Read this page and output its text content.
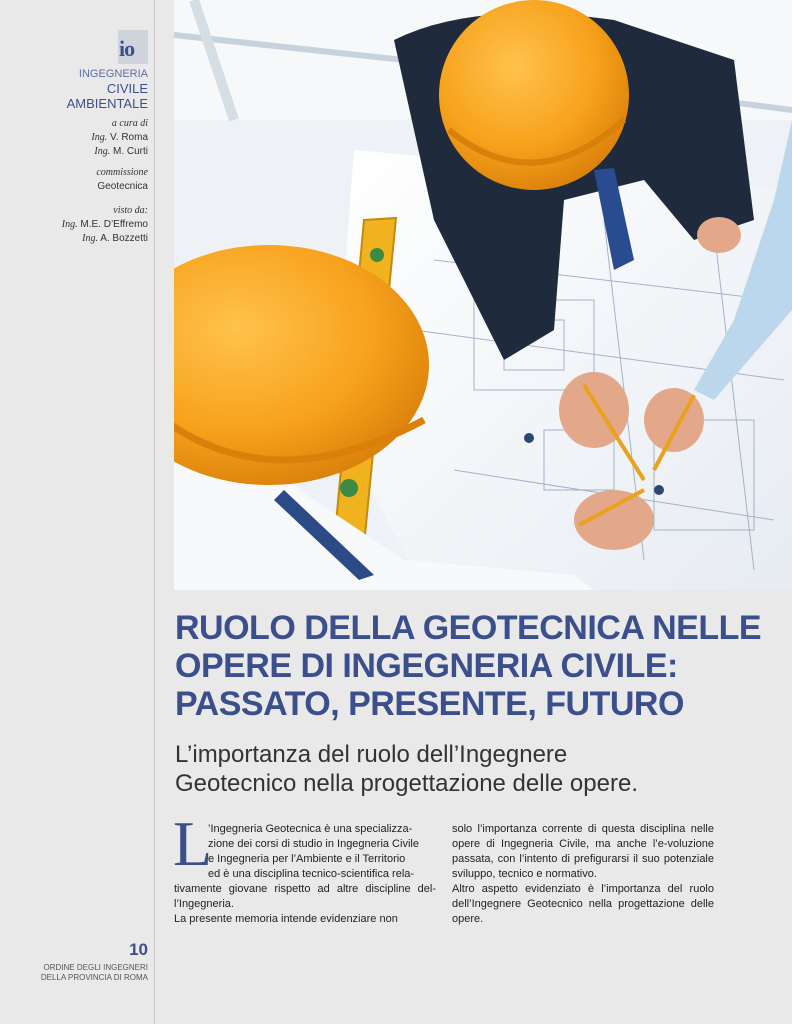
io
INGEGNERIA
CIVILE
AMBIENTALE
a cura di
Ing. V. Roma
Ing. M. Curti
commissione
Geotecnica
visto da:
Ing. M.E. D’Effremo
Ing. A. Bozzetti
10
ORDINE DEGLI INGEGNERI
DELLA PROVINCIA DI ROMA
RUOLO DELLA GEOTECNICA NELLE
OPERE DI INGEGNERIA CIVILE:
PASSATO, PRESENTE, FUTURO
L’importanza del ruolo dell’Ingegnere
Geotecnico nella progettazione delle opere.
L
’Ingegneria Geotecnica è una specializza-
zione dei corsi di studio in Ingegneria Civile
e Ingegneria per l’Ambiente e il Territorio
ed è una disciplina tecnico-scientifica rela-
tivamente giovane rispetto ad altre discipline del-l’Ingegneria.
La presente memoria intende evidenziare non
solo l’importanza corrente di questa disciplina nelle opere di Ingegneria Civile, ma anche l’e-voluzione passata, con l’intento di prefigurarsi il suo potenziale sviluppo, tecnico e normativo.
Altro aspetto evidenziato è l’importanza del ruolo dell’Ingegnere Geotecnico nella progettazione delle opere.
